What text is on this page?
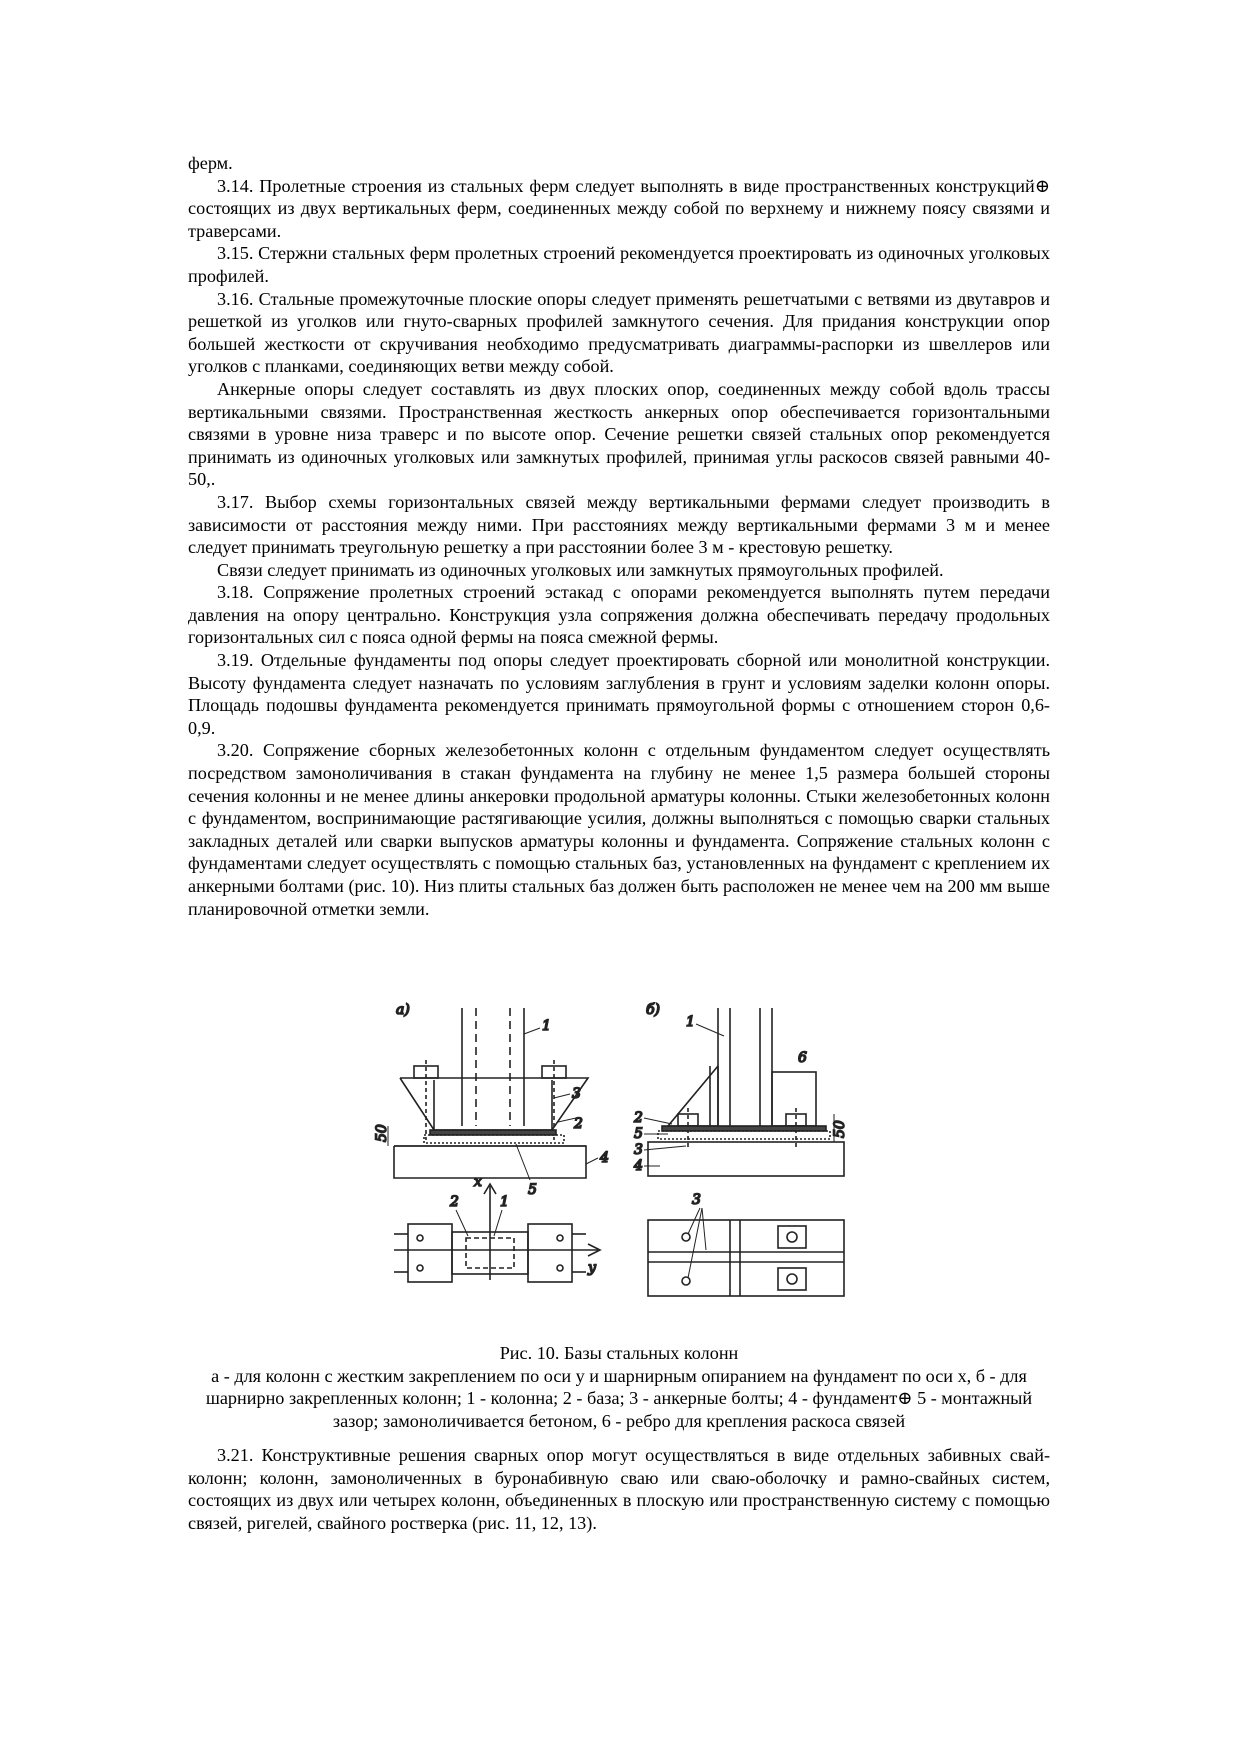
ферм.

3.14. Пролетные строения из стальных ферм следует выполнять в виде пространственных конструкций⊕ состоящих из двух вертикальных ферм, соединенных между собой по верхнему и нижнему поясу связями и траверсами.

3.15. Стержни стальных ферм пролетных строений рекомендуется проектировать из одиночных уголковых профилей.

3.16. Стальные промежуточные плоские опоры следует применять решетчатыми с ветвями из двутавров и решеткой из уголков или гнуто-сварных профилей замкнутого сечения. Для придания конструкции опор большей жесткости от скручивания необходимо предусматривать диаграммы-распорки из швеллеров или уголков с планками, соединяющих ветви между собой.

Анкерные опоры следует составлять из двух плоских опор, соединенных между собой вдоль трассы вертикальными связями. Пространственная жесткость анкерных опор обеспечивается горизонтальными связями в уровне низа траверс и по высоте опор. Сечение решетки связей стальных опор рекомендуется принимать из одиночных уголковых или замкнутых профилей, принимая углы раскосов связей равными 40-50,.

3.17. Выбор схемы горизонтальных связей между вертикальными фермами следует производить в зависимости от расстояния между ними. При расстояниях между вертикальными фермами 3 м и менее следует принимать треугольную решетку а при расстоянии более 3 м - крестовую решетку.

Связи следует принимать из одиночных уголковых или замкнутых прямоугольных профилей.

3.18. Сопряжение пролетных строений эстакад с опорами рекомендуется выполнять путем передачи давления на опору центрально. Конструкция узла сопряжения должна обеспечивать передачу продольных горизонтальных сил с пояса одной фермы на пояса смежной фермы.

3.19. Отдельные фундаменты под опоры следует проектировать сборной или монолитной конструкции. Высоту фундамента следует назначать по условиям заглубления в грунт и условиям заделки колонн опоры. Площадь подошвы фундамента рекомендуется принимать прямоугольной формы с отношением сторон 0,6-0,9.

3.20. Сопряжение сборных железобетонных колонн с отдельным фундаментом следует осуществлять посредством замоноличивания в стакан фундамента на глубину не менее 1,5 размера большей стороны сечения колонны и не менее длины анкеровки продольной арматуры колонны. Стыки железобетонных колонн с фундаментом, воспринимающие растягивающие усилия, должны выполняться с помощью сварки стальных закладных деталей или сварки выпусков арматуры колонны и фундамента. Сопряжение стальных колонн с фундаментами следует осуществлять с помощью стальных баз, установленных на фундамент с креплением их анкерными болтами (рис. 10). Низ плиты стальных баз должен быть расположен не менее чем на 200 мм выше планировочной отметки земли.

а)
50
1
3
2
4
5
x
y
2	1
б)
50
1
6
2
5
3
4
3
Рис. 10. Базы стальных колонн
а - для колонн с жестким закреплением по оси у и шарнирным опиранием на фундамент по оси х, б - для шарнирно закрепленных колонн; 1 - колонна; 2 - база; 3 - анкерные болты; 4 - фундамент⊕ 5 - монтажный зазор; замоноличивается бетоном, 6 - ребро для крепления раскоса связей

3.21. Конструктивные решения сварных опор могут осуществляться в виде отдельных забивных свай-колонн; колонн, замоноличенных в буронабивную сваю или сваю-оболочку и рамно-свайных систем, состоящих из двух или четырех колонн, объединенных в плоскую или пространственную систему с помощью связей, ригелей, свайного ростверка (рис. 11, 12, 13).
